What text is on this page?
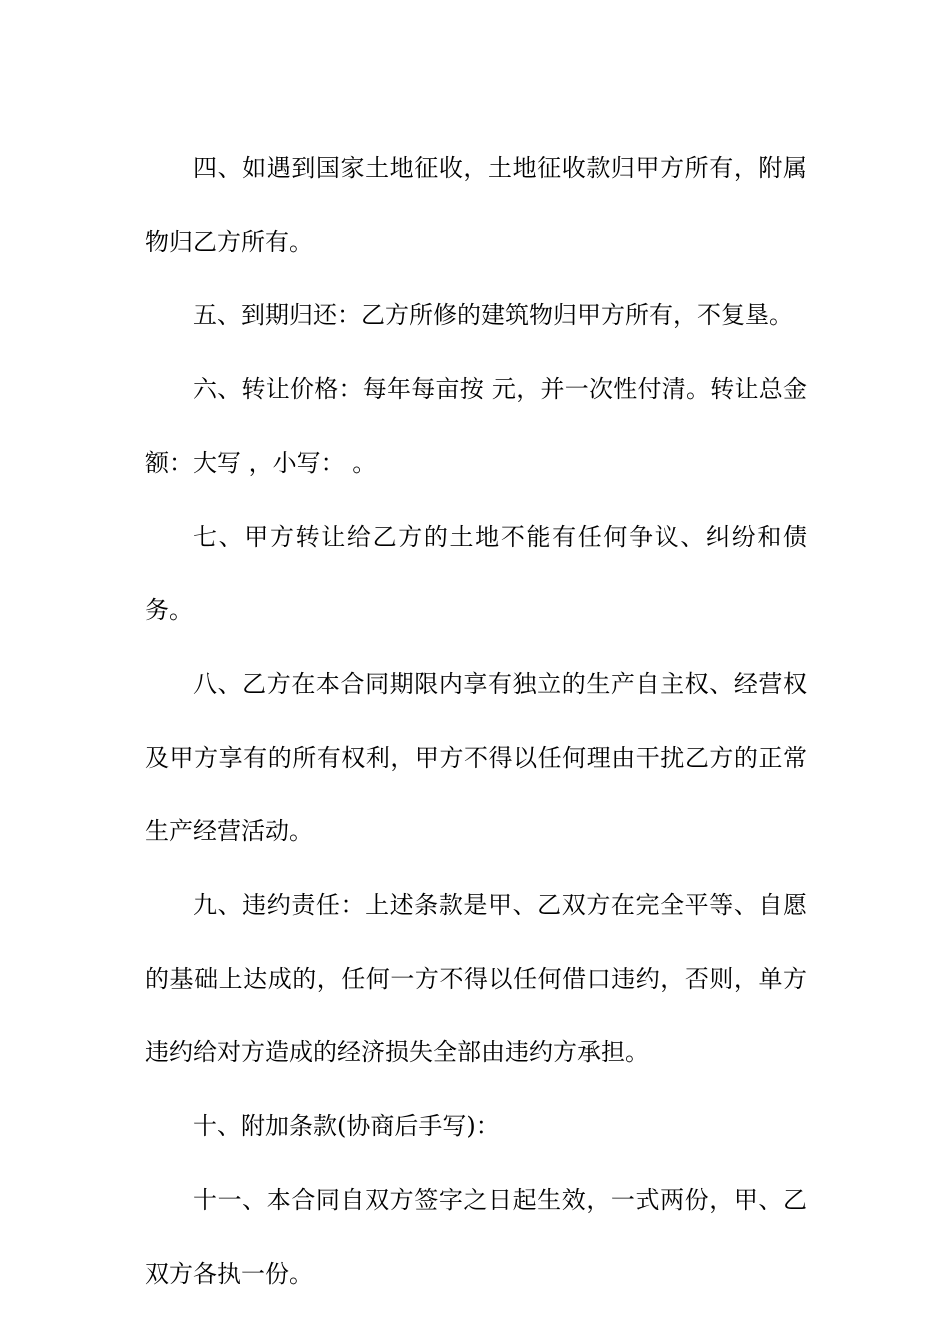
四、如遇到国家土地征收，土地征收款归甲方所有，附属物归乙方所有。

五、到期归还：乙方所修的建筑物归甲方所有，不复垦。

六、转让价格：每年每亩按 元，并一次性付清。转让总金额：大写 ，小写： 。

七、甲方转让给乙方的土地不能有任何争议、纠纷和债务。

八、乙方在本合同期限内享有独立的生产自主权、经营权及甲方享有的所有权利，甲方不得以任何理由干扰乙方的正常生产经营活动。

九、违约责任：上述条款是甲、乙双方在完全平等、自愿的基础上达成的，任何一方不得以任何借口违约，否则，单方违约给对方造成的经济损失全部由违约方承担。

十、附加条款(协商后手写)：

十一、本合同自双方签字之日起生效，一式两份，甲、乙双方各执一份。
